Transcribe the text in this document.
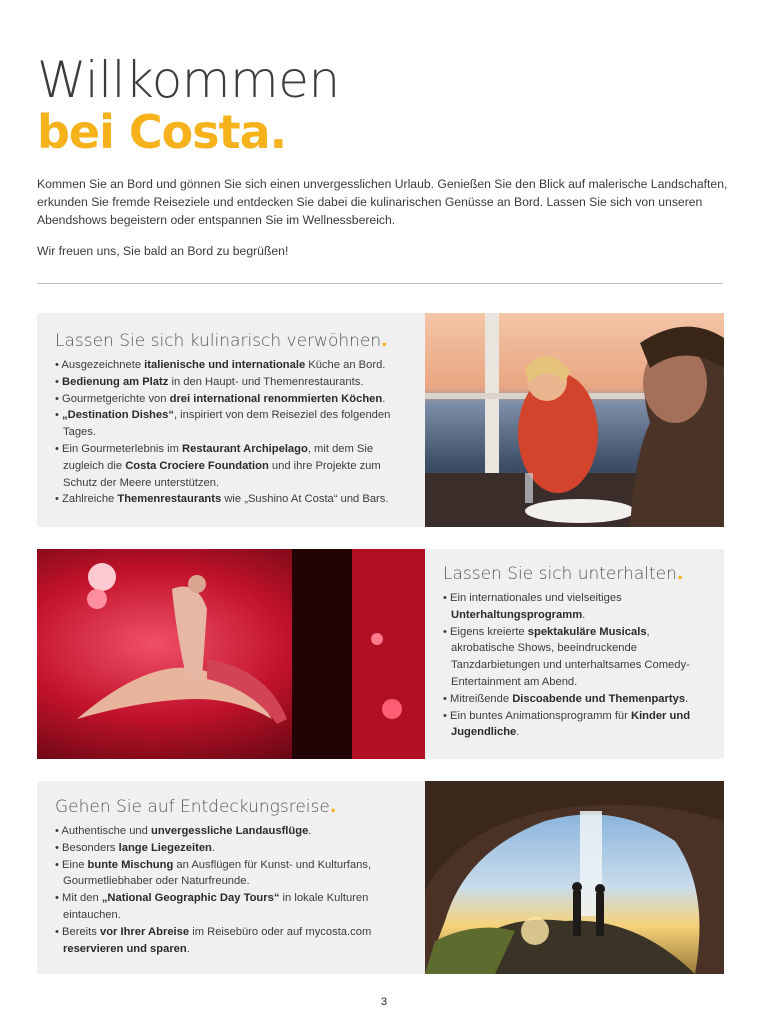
Willkommen
bei Costa.

Kommen Sie an Bord und gönnen Sie sich einen unvergesslichen Urlaub. Genießen Sie den Blick auf malerische Landschaften, erkunden Sie fremde Reiseziele und entdecken Sie dabei die kulinarischen Genüsse an Bord. Lassen Sie sich von unseren Abendshows begeistern oder entspannen Sie im Wellnessbereich.

Wir freuen uns, Sie bald an Bord zu begrüßen!

Lassen Sie sich kulinarisch verwöhnen.
• Ausgezeichnete italienische und internationale Küche an Bord.
• Bedienung am Platz in den Haupt- und Themenrestaurants.
• Gourmetgerichte von drei international renommierten Köchen.
• „Destination Dishes“, inspiriert von dem Reiseziel des folgenden Tages.
• Ein Gourmeterlebnis im Restaurant Archipelago, mit dem Sie zugleich die Costa Crociere Foundation und ihre Projekte zum Schutz der Meere unterstützen.
• Zahlreiche Themenrestaurants wie „Sushino At Costa“ und Bars.
Lassen Sie sich unterhalten.
• Ein internationales und vielseitiges Unterhaltungsprogramm.
• Eigens kreierte spektakuläre Musicals, akrobatische Shows, beeindruckende Tanzdarbietungen und unterhaltsames Comedy-Entertainment am Abend.
• Mitreißende Discoabende und Themenpartys.
• Ein buntes Animationsprogramm für Kinder und Jugendliche.
Gehen Sie auf Entdeckungsreise.
• Authentische und unvergessliche Landausflüge.
• Besonders lange Liegezeiten.
• Eine bunte Mischung an Ausflügen für Kunst- und Kulturfans, Gourmetliebhaber oder Naturfreunde.
• Mit den „National Geographic Day Tours“ in lokale Kulturen eintauchen.
• Bereits vor Ihrer Abreise im Reisebüro oder auf mycosta.com reservieren und sparen.
3
